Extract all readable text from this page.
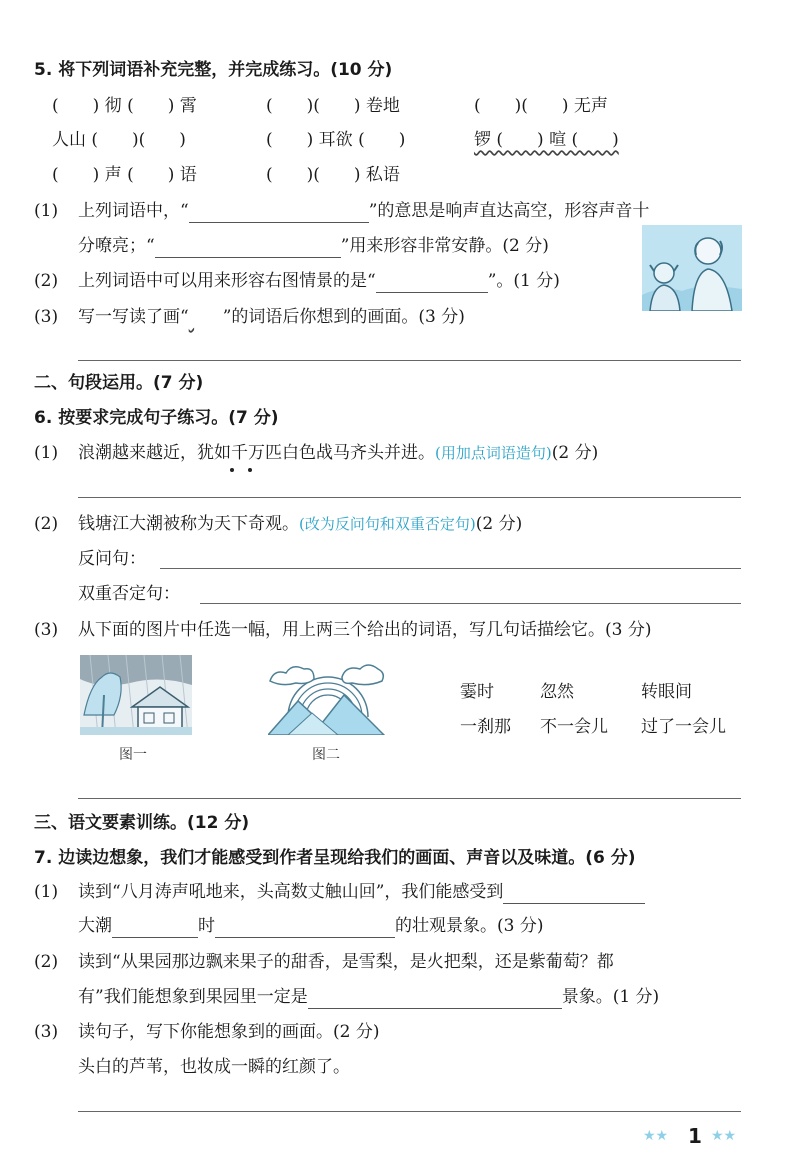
5. 将下列词语补充完整，并完成练习。(10 分)
(　　) 彻 (　　) 霄	(　　)(　　) 卷地	(　　)(　　) 无声
人山 (　　)(　　)	(　　) 耳欲 (　　)	锣 (　　) 喧 (　　)
(　　) 声 (　　) 语	(　　)(　　) 私语
(1) 上列词语中，“	”的意思是响声直达高空，形容声音十
分嘹亮；“	”用来形容非常安静。(2 分)
(2) 上列词语中可以用来形容右图情景的是“	”。(1 分)
(3) 写一写读了画“ ”的词语后你想到的画面。(3 分)
二、句段运用。(7 分)
6. 按要求完成句子练习。(7 分)
(1) 浪潮越来越近，犹如千万匹白色战马齐头并进。(用加点词语造句)(2 分)
(2) 钱塘江大潮被称为天下奇观。(改为反问句和双重否定句)(2 分)
反问句：
双重否定句：
(3) 从下面的图片中任选一幅，用上两三个给出的词语，写几句话描绘它。(3 分)
图一	图二
霎时	忽然	转眼间
一刹那 不一会儿 过了一会儿
三、语文要素训练。(12 分)
7. 边读边想象，我们才能感受到作者呈现给我们的画面、声音以及味道。(6 分)
(1) 读到“八月涛声吼地来，头高数丈触山回”，我们能感受到
大潮	时	的壮观景象。(3 分)
(2) 读到“从果园那边飘来果子的甜香，是雪梨，是火把梨，还是紫葡萄？都
有”我们能想象到果园里一定是	景象。(1 分)
(3) 读句子，写下你能想象到的画面。(2 分)
头白的芦苇，也妆成一瞬的红颜了。
★★ 1 ★★
